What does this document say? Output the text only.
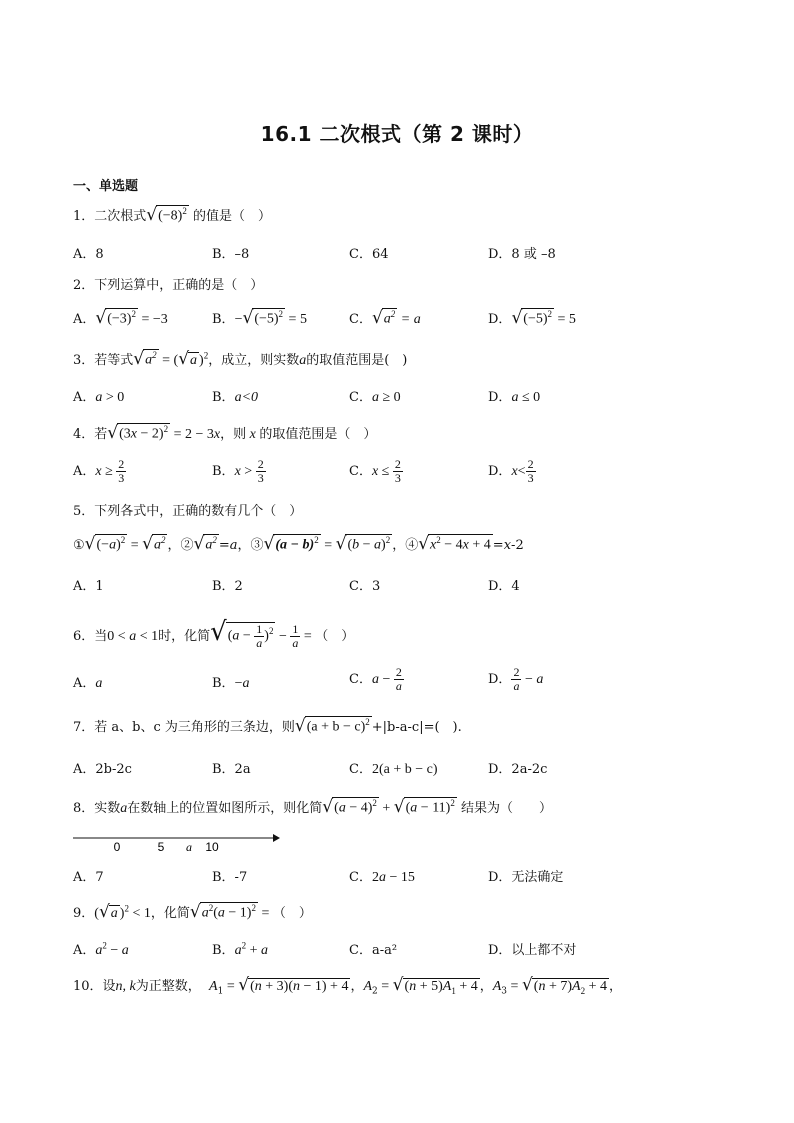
16.1 二次根式（第 2 课时）
一、单选题
1．二次根式$√(-8)^2$ 的值是（　）
A．8	B．–8	C．64	D．8 或 –8
2．下列运算中，正确的是（　）
A．$√(-3)^2 = -3$	B．$-√(-5)^2 = 5$	C．$√a^2 = a$	D．$√(-5)^2 = 5$
3．若等式$√a^2 = (√a$ )$^2$，成立，则实数a的取值范围是(　)
A．a > 0	B．a<0	C．a ≥ 0	D．a ≤ 0
4．若$√(3x - 2)^2 = 2 - 3x$，则 x 的取值范围是（　）
A．$x \ge \frac{2}{3}$	B．$x > \frac{2}{3}$	C．$x \le \frac{2}{3}$	D．$x< \frac{2}{3}$
5．下列各式中，正确的数有几个（　）
$①√(-a)^2 = √a^2$ ，$②√a^2 =a$，③√(a − $b)^2 = √(b - a)^2$ ，$④√x^2 - 4x + 4 =x-2$
A．1	B．2	C．3	D．4
6．当0 < a < 1时，化简$√(a - \frac{1}{a} )^2 - \frac{1}{a}$ = （　）
A．a	B．−a	C．$a - \frac{2}{a}$	D． $\frac{2}{a} - a$
7．若 a、b、c 为三角形的三条边，则$√(a + b - c)^2 +|b-a-c|=$(　).
A．2b-2c	B．2a	C．2(a + b − c)	D．2a-2c
8．实数a在数轴上的位置如图所示，则化简$√(a - 4)^2 + √(a - 11)^2$ 结果为（　　）
0	5 a 10
A．7	B．-7	C．2a − 15	D．无法确定
9．(√a )$^2$ < 1，化简$√a^2(a - 1)^2$ = （　）
A．$a^2 - a$	B．$a^2 + a$	C．a-a²	D．以上都不对
10．设n, k为正整数， $A_1 = √(n + 3)(n - 1) + 4$ ，$A_2 = √(n + 5)A_1 + 4$ ，$A_3 = √(n + 7)A_2 + 4$ ，
